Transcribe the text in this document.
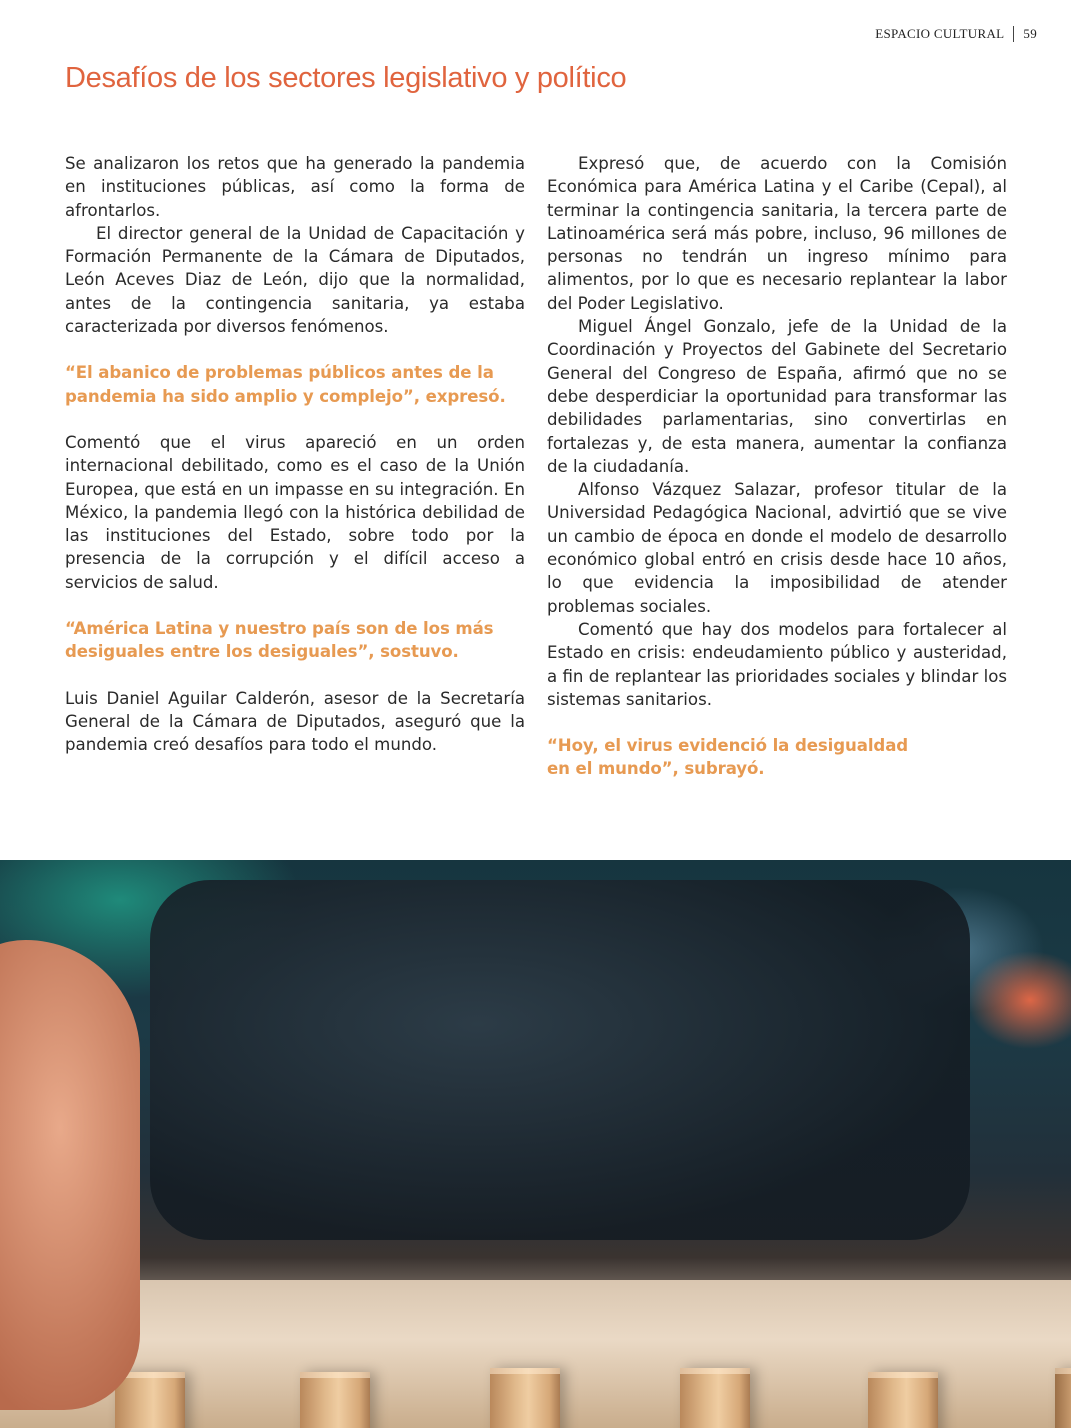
ESPACIO CULTURAL 59
Desafíos de los sectores legislativo y político

Se analizaron los retos que ha generado la pandemia en instituciones públicas, así como la forma de afrontarlos.

El director general de la Unidad de Capacitación y Formación Permanente de la Cámara de Diputados, León Aceves Diaz de León, dijo que la normalidad, antes de la contingencia sanitaria, ya estaba caracterizada por diversos fenómenos.

“El abanico de problemas públicos antes de la pandemia ha sido amplio y complejo”, expresó.

Comentó que el virus apareció en un orden internacional debilitado, como es el caso de la Unión Europea, que está en un impasse en su integración. En México, la pandemia llegó con la histórica debilidad de las instituciones del Estado, sobre todo por la presencia de la corrupción y el difícil acceso a servicios de salud.

“América Latina y nuestro país son de los más desiguales entre los desiguales”, sostuvo.

Luis Daniel Aguilar Calderón, asesor de la Secretaría General de la Cámara de Diputados, aseguró que la pandemia creó desafíos para todo el mundo.

Expresó que, de acuerdo con la Comisión Económica para América Latina y el Caribe (Cepal), al terminar la contingencia sanitaria, la tercera parte de Latinoamérica será más pobre, incluso, 96 millones de personas no tendrán un ingreso mínimo para alimentos, por lo que es necesario replantear la labor del Poder Legislativo.

Miguel Ángel Gonzalo, jefe de la Unidad de la Coordinación y Proyectos del Gabinete del Secretario General del Congreso de España, afirmó que no se debe desperdiciar la oportunidad para transformar las debilidades parlamentarias, sino convertirlas en fortalezas y, de esta manera, aumentar la confianza de la ciudadanía.

Alfonso Vázquez Salazar, profesor titular de la Universidad Pedagógica Nacional, advirtió que se vive un cambio de época en donde el modelo de desarrollo económico global entró en crisis desde hace 10 años, lo que evidencia la imposibilidad de atender problemas sociales.

Comentó que hay dos modelos para fortalecer al Estado en crisis: endeudamiento público y austeridad, a fin de replantear las prioridades sociales y blindar los sistemas sanitarios.

“Hoy, el virus evidenció la desigualdad en el mundo”, subrayó.
